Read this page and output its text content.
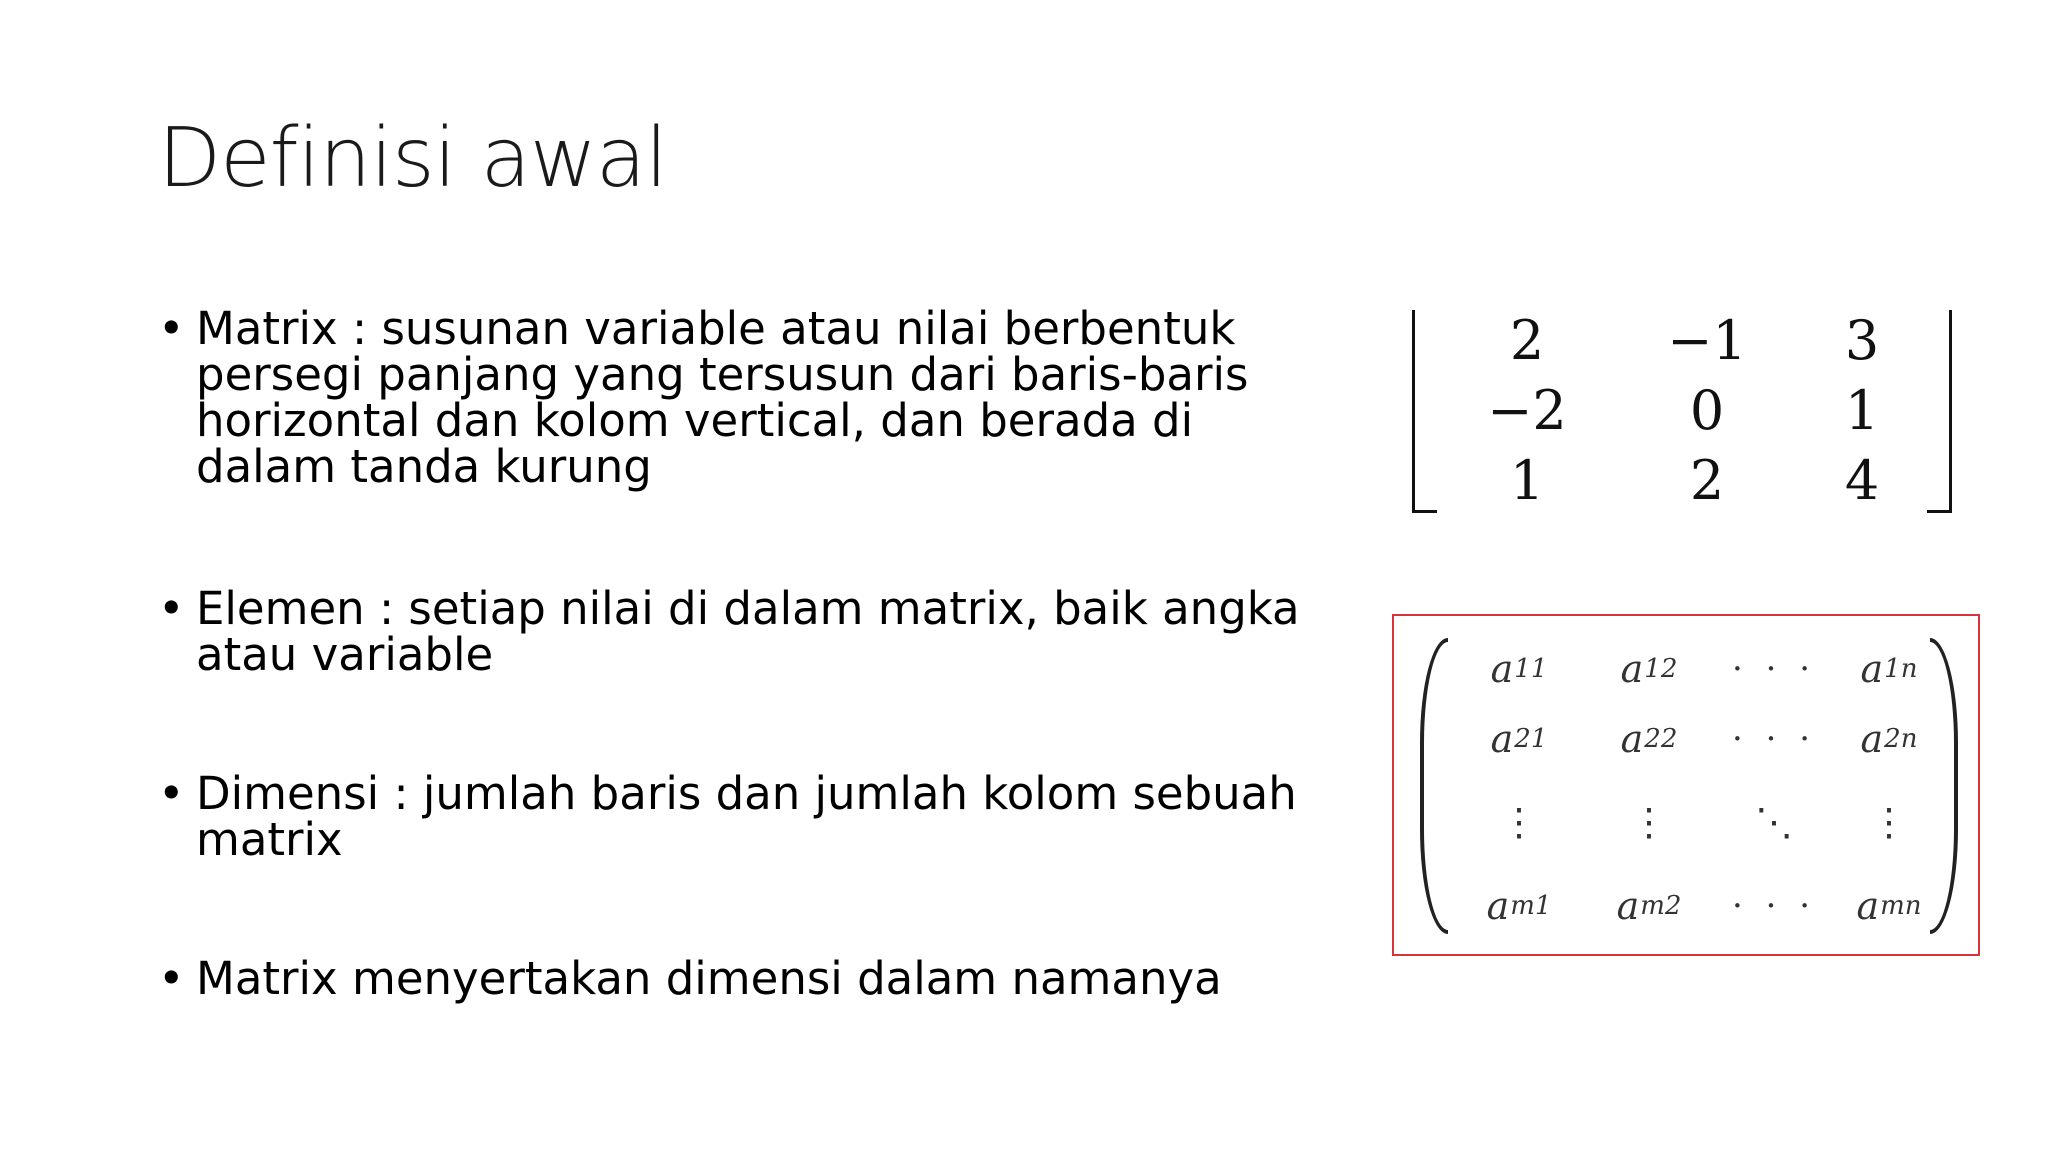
Definisi awal
• Matrix : susunan variable atau nilai berbentuk persegi panjang yang tersusun dari baris-baris horizontal dan kolom vertical, dan berada di dalam tanda kurung
• Elemen : setiap nilai di dalam matrix, baik angka atau variable
• Dimensi : jumlah baris dan jumlah kolom sebuah matrix
• Matrix menyertakan dimensi dalam namanya
2	−1	3
−2	0	1
1	2	4
a 11 a 12 · · · a 1n
a 21 a 22 · · · a 2n
⋮ ⋮ ⋱ ⋮
a m1 a m2 · · · a mn
